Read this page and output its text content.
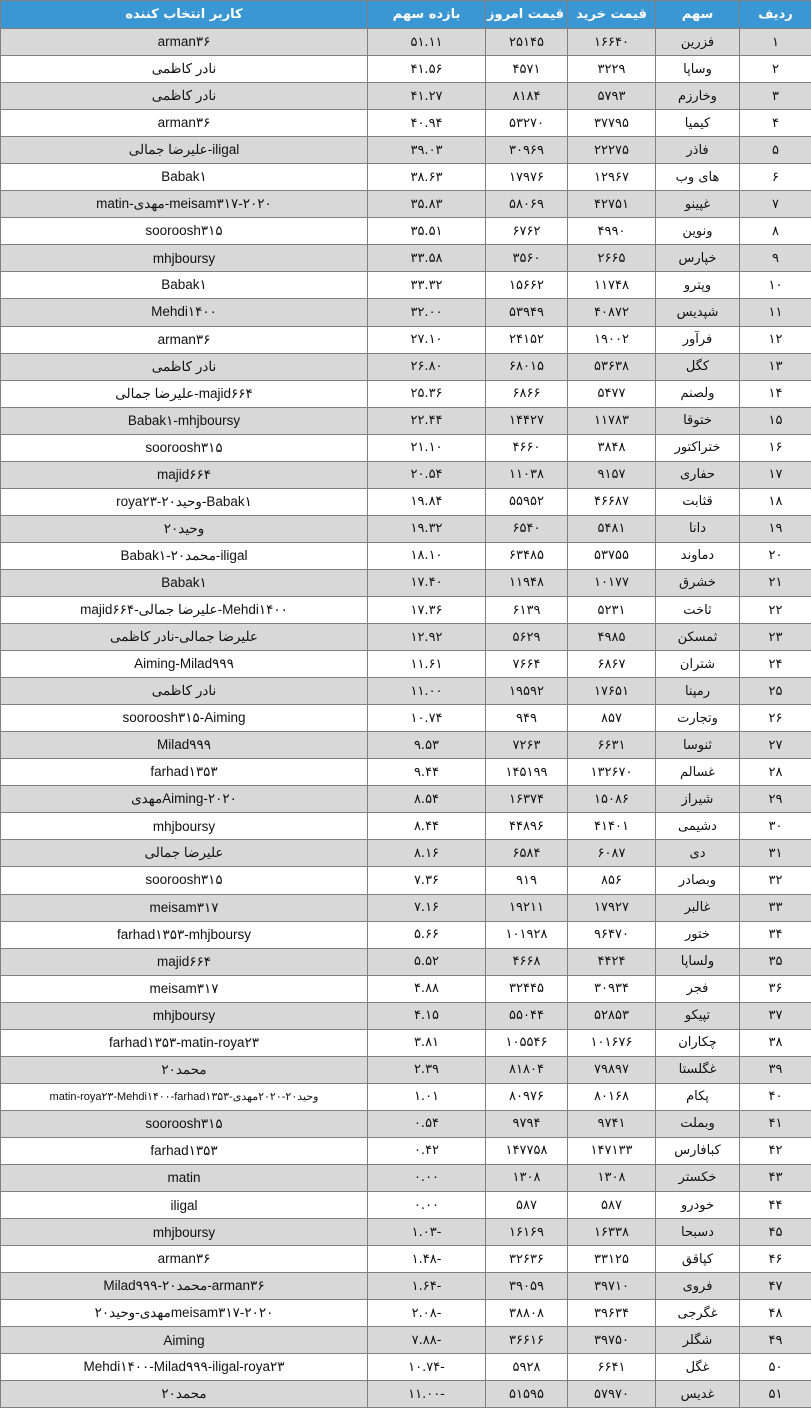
ردیف	سهم	قیمت خرید	قیمت امروز	بازده سهم	کاربر انتخاب کننده
۱	فزرین	۱۶۶۴۰	۲۵۱۴۵	۵۱.۱۱	arman۳۶
۲	وساپا	۳۲۲۹	۴۵۷۱	۴۱.۵۶	نادر کاظمی
۳	وخارزم	۵۷۹۳	۸۱۸۴	۴۱.۲۷	نادر کاظمی
۴	کیمیا	۳۷۷۹۵	۵۳۲۷۰	۴۰.۹۴	arman۳۶
۵	فاذر	۲۲۲۷۵	۳۰۹۶۹	۳۹.۰۳	iligal-علیرضا جمالی
۶	های وب	۱۲۹۶۷	۱۷۹۷۶	۳۸.۶۳	Babak۱
۷	غپینو	۴۲۷۵۱	۵۸۰۶۹	۳۵.۸۳	meisam۳۱۷-۲۰۲۰-مهدی-matin
۸	ونوین	۴۹۹۰	۶۷۶۲	۳۵.۵۱	sooroosh۳۱۵
۹	خپارس	۲۶۶۵	۳۵۶۰	۳۳.۵۸	mhjboursy
۱۰	وپترو	۱۱۷۴۸	۱۵۶۶۲	۳۳.۳۲	Babak۱
۱۱	شپدیس	۴۰۸۷۲	۵۳۹۴۹	۳۲.۰۰	Mehdi۱۴۰۰
۱۲	فرآور	۱۹۰۰۲	۲۴۱۵۲	۲۷.۱۰	arman۳۶
۱۳	کگل	۵۳۶۳۸	۶۸۰۱۵	۲۶.۸۰	نادر کاظمی
۱۴	ولصنم	۵۴۷۷	۶۸۶۶	۲۵.۳۶	majid۶۶۴-علیرضا جمالی
۱۵	ختوقا	۱۱۷۸۳	۱۴۴۲۷	۲۲.۴۴	Babak۱-mhjboursy
۱۶	ختراکتور	۳۸۴۸	۴۶۶۰	۲۱.۱۰	sooroosh۳۱۵
۱۷	حفاری	۹۱۵۷	۱۱۰۳۸	۲۰.۵۴	majid۶۶۴
۱۸	قثابت	۴۶۶۸۷	۵۵۹۵۲	۱۹.۸۴	Babak۱-وحید۲۰-roya۲۳
۱۹	دانا	۵۴۸۱	۶۵۴۰	۱۹.۳۲	وحید۲۰
۲۰	دماوند	۵۳۷۵۵	۶۳۴۸۵	۱۸.۱۰	iligal-محمد۲۰-Babak۱
۲۱	خشرق	۱۰۱۷۷	۱۱۹۴۸	۱۷.۴۰	Babak۱
۲۲	ثاخت	۵۲۳۱	۶۱۳۹	۱۷.۳۶	Mehdi۱۴۰۰-علیرضا جمالی-majid۶۶۴
۲۳	ثمسکن	۴۹۸۵	۵۶۲۹	۱۲.۹۲	علیرضا جمالی-نادر کاظمی
۲۴	شتران	۶۸۶۷	۷۶۶۴	۱۱.۶۱	Aiming-Milad۹۹۹
۲۵	رمپنا	۱۷۶۵۱	۱۹۵۹۲	۱۱.۰۰	نادر کاظمی
۲۶	وتجارت	۸۵۷	۹۴۹	۱۰.۷۴	sooroosh۳۱۵-Aiming
۲۷	ثنوسا	۶۶۳۱	۷۲۶۳	۹.۵۳	Milad۹۹۹
۲۸	غسالم	۱۳۲۶۷۰	۱۴۵۱۹۹	۹.۴۴	farhad۱۳۵۳
۲۹	شیراز	۱۵۰۸۶	۱۶۳۷۴	۸.۵۴	Aiming-۲۰۲۰مهدی
۳۰	دشیمی	۴۱۴۰۱	۴۴۸۹۶	۸.۴۴	mhjboursy
۳۱	دی	۶۰۸۷	۶۵۸۴	۸.۱۶	علیرضا جمالی
۳۲	وبصادر	۸۵۶	۹۱۹	۷.۳۶	sooroosh۳۱۵
۳۳	غالبر	۱۷۹۲۷	۱۹۲۱۱	۷.۱۶	meisam۳۱۷
۳۴	ختور	۹۶۴۷۰	۱۰۱۹۲۸	۵.۶۶	farhad۱۳۵۳-mhjboursy
۳۵	ولساپا	۴۴۲۴	۴۶۶۸	۵.۵۲	majid۶۶۴
۳۶	فجر	۳۰۹۳۴	۳۲۴۴۵	۴.۸۸	meisam۳۱۷
۳۷	تپیکو	۵۲۸۵۳	۵۵۰۴۴	۴.۱۵	mhjboursy
۳۸	چکاران	۱۰۱۶۷۶	۱۰۵۵۴۶	۳.۸۱	farhad۱۳۵۳-matin-roya۲۳
۳۹	غگلستا	۷۹۸۹۷	۸۱۸۰۴	۲.۳۹	محمد۲۰
۴۰	پکام	۸۰۱۶۸	۸۰۹۷۶	۱.۰۱	وحید۲۰-۲۰۲۰مهدی-matin-roya۲۳-Mehdi۱۴۰۰-farhad۱۳۵۳
۴۱	وبملت	۹۷۴۱	۹۷۹۴	۰.۵۴	sooroosh۳۱۵
۴۲	کبافارس	۱۴۷۱۳۳	۱۴۷۷۵۸	۰.۴۲	farhad۱۳۵۳
۴۳	خکستر	۱۳۰۸	۱۳۰۸	۰.۰۰	matin
۴۴	خودرو	۵۸۷	۵۸۷	۰.۰۰	iligal
۴۵	دسبحا	۱۶۳۳۸	۱۶۱۶۹	-۱.۰۳	mhjboursy
۴۶	کپاقق	۳۳۱۲۵	۳۲۶۳۶	-۱.۴۸	arman۳۶
۴۷	فروی	۳۹۷۱۰	۳۹۰۵۹	-۱.۶۴	arman۳۶-محمد۲۰-Milad۹۹۹
۴۸	غگرجی	۳۹۶۳۴	۳۸۸۰۸	-۲.۰۸	meisam۳۱۷-۲۰۲۰مهدی-وحید۲۰
۴۹	شگلر	۳۹۷۵۰	۳۶۶۱۶	-۷.۸۸	Aiming
۵۰	غگل	۶۶۴۱	۵۹۲۸	-۱۰.۷۴	Mehdi۱۴۰۰-Milad۹۹۹-iligal-roya۲۳
۵۱	غدیس	۵۷۹۷۰	۵۱۵۹۵	-۱۱.۰۰	محمد۲۰
